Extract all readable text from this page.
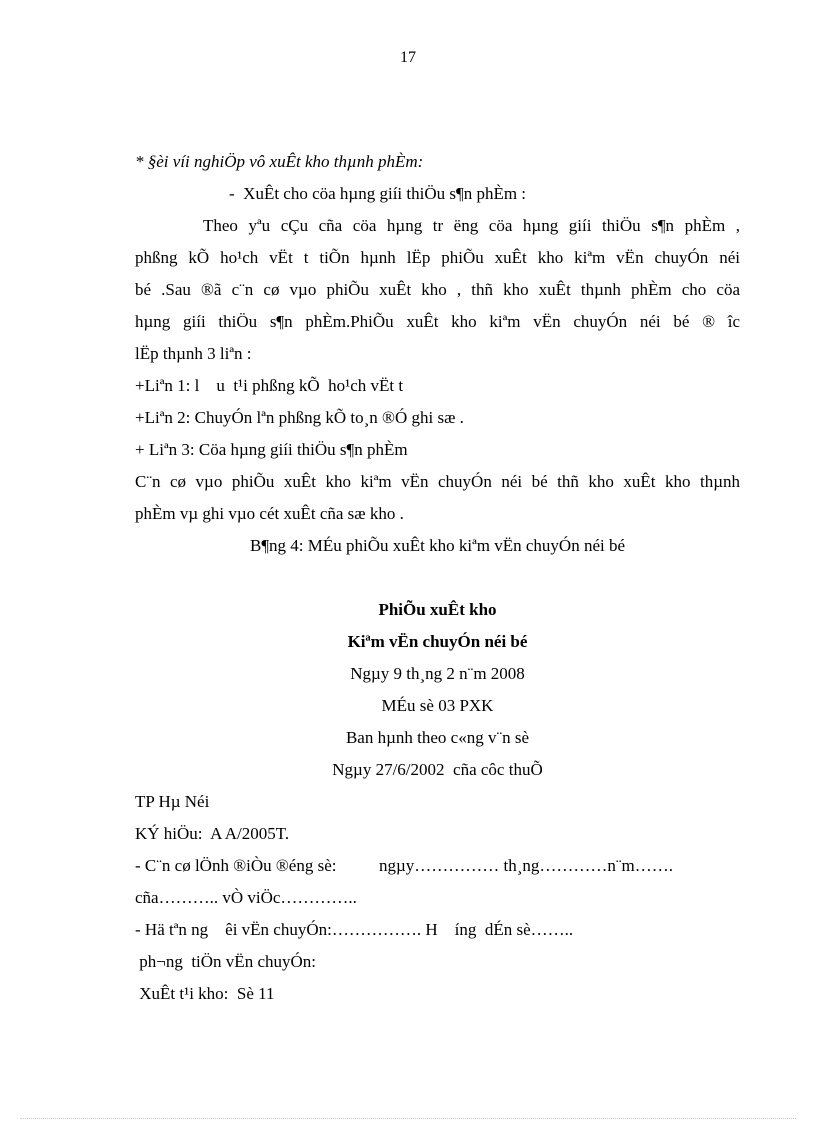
17
* §èi víi nghiÖp vô xuÊt kho thµnh phÈm:
-  XuÊt cho cöa hµng giíi thiÖu s¶n phÈm :
Theo yªu cÇu cña cöa hµng tr ëng cöa hµng giíi thiÖu s¶n phÈm ,
phßng kÕ ho¹ch vËt t tiÕn hµnh lËp phiÕu xuÊt kho kiªm vËn chuyÓn néi
bé .Sau ®ã c¨n cø vµo phiÕu xuÊt kho , thñ kho xuÊt thµnh phÈm cho cöa
hµng giíi thiÖu s¶n phÈm.PhiÕu xuÊt kho kiªm vËn chuyÓn néi bé ® îc
lËp thµnh 3 liªn :
+Liªn 1: l    u  t¹i phßng kÕ  ho¹ch vËt t
+Liªn 2: ChuyÓn lªn phßng kÕ to¸n ®Ó ghi sæ .
+ Liªn 3: Cöa hµng giíi thiÖu s¶n phÈm
C¨n cø vµo phiÕu xuÊt kho kiªm vËn chuyÓn néi bé thñ kho xuÊt kho thµnh
phÈm vµ ghi vµo cét xuÊt cña sæ kho .
B¶ng 4: MÉu phiÕu xuÊt kho kiªm vËn chuyÓn néi bé

PhiÕu xuÊt kho
Kiªm vËn chuyÓn néi bé
Ngµy 9 th¸ng 2 n¨m 2008
MÉu sè 03 PXK
Ban hµnh theo c«ng v¨n sè
Ngµy 27/6/2002  cña côc thuÕ
TP Hµ Néi
KÝ hiÖu:  A A/2005T.
- C¨n cø lÖnh ®iÒu ®éng sè:          ngµy…………… th¸ng…………n¨m…….
cña……….. vÒ viÖc…………..
- Hä tªn ng    êi vËn chuyÓn:……………. H    íng  dÉn sè……..
ph¬ng  tiÖn vËn chuyÓn:
XuÊt t¹i kho:  Sè 11
